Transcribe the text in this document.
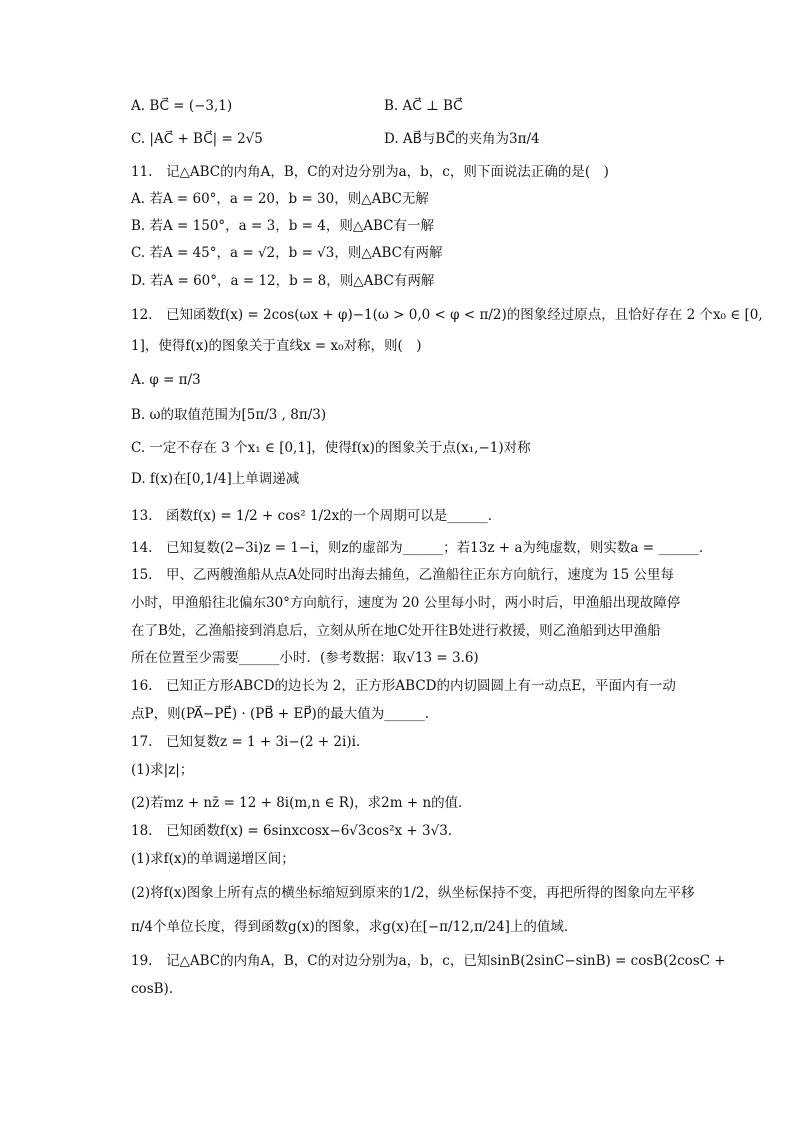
A. BC⃗ = (−3,1)	B. AC⃗ ⊥ BC⃗
C. |AC⃗ + BC⃗| = 2√5	D. AB⃗与BC⃗的夹角为3π/4
11.　记△ABC的内角A，B，C的对边分别为a，b，c，则下面说法正确的是(　)
A. 若A = 60°，a = 20，b = 30，则△ABC无解
B. 若A = 150°，a = 3，b = 4，则△ABC有一解
C. 若A = 45°，a = √2，b = √3，则△ABC有两解
D. 若A = 60°，a = 12，b = 8，则△ABC有两解
12.　已知函数f(x) = 2cos(ωx + φ)−1(ω > 0,0 < φ < π/2)的图象经过原点，且恰好存在 2 个x₀ ∈ [0,
1]，使得f(x)的图象关于直线x = x₀对称，则(　)
A. φ = π/3
B. ω的取值范围为[5π/3 , 8π/3)
C. 一定不存在 3 个x₁ ∈ [0,1]，使得f(x)的图象关于点(x₁,−1)对称
D. f(x)在[0,1/4]上单调递减
13.　函数f(x) = 1/2 + cos² 1/2x的一个周期可以是______.
14.　已知复数(2−3i)z = 1−i，则z的虚部为______；若13z + a为纯虚数，则实数a = ______.
15.　甲、乙两艘渔船从点A处同时出海去捕鱼，乙渔船往正东方向航行，速度为 15 公里每
小时，甲渔船往北偏东30°方向航行，速度为 20 公里每小时，两小时后，甲渔船出现故障停
在了B处，乙渔船接到消息后，立刻从所在地C处开往B处进行救援，则乙渔船到达甲渔船
所在位置至少需要______小时．(参考数据：取√13 = 3.6)
16.　已知正方形ABCD的边长为 2，正方形ABCD的内切圆圆上有一动点E，平面内有一动
点P，则(PA⃗−PE⃗) · (PB⃗ + EP⃗)的最大值为______.
17.　已知复数z = 1 + 3i−(2 + 2i)i.
(1)求|z|；
(2)若mz + nz̄ = 12 + 8i(m,n ∈ R)，求2m + n的值．
18.　已知函数f(x) = 6sinxcosx−6√3cos²x + 3√3.
(1)求f(x)的单调递增区间；
(2)将f(x)图象上所有点的横坐标缩短到原来的1/2，纵坐标保持不变，再把所得的图象向左平移
π/4个单位长度，得到函数g(x)的图象，求g(x)在[−π/12,π/24]上的值域．
19.　记△ABC的内角A，B，C的对边分别为a，b，c，已知sinB(2sinC−sinB) = cosB(2cosC +
cosB).
